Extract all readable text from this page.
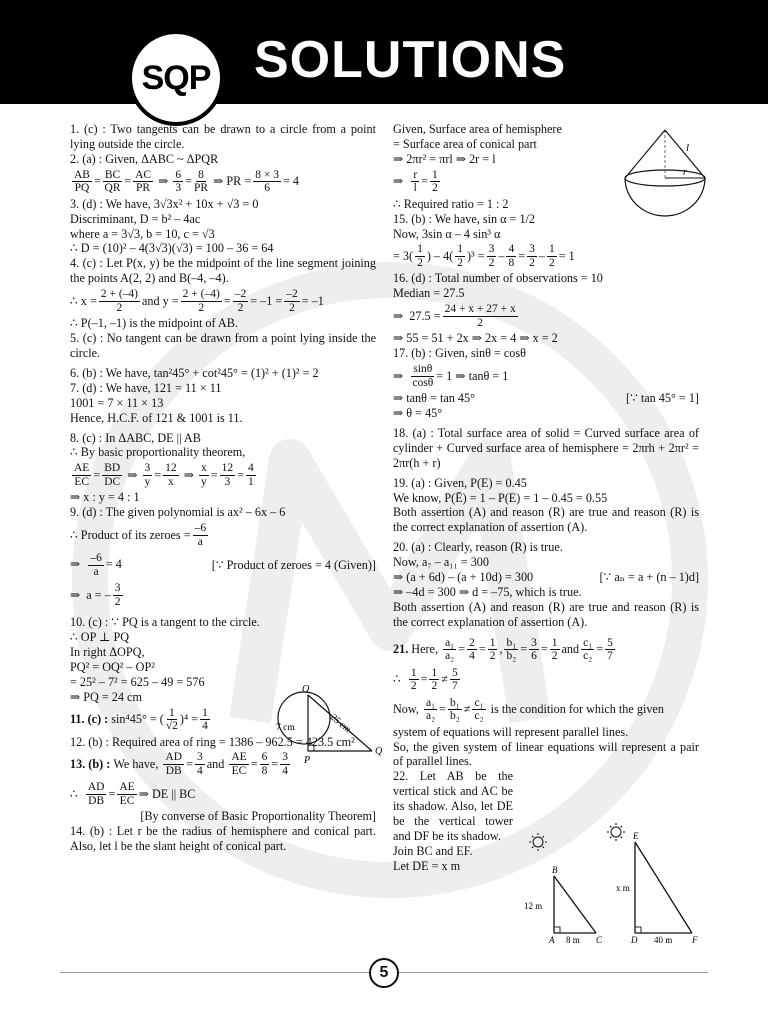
SQP SOLUTIONS
1. (c) : Two tangents can be drawn to a circle from a point lying outside the circle.
2. (a) : Given, ΔABC ~ ΔPQR
AB
PQ = BC
QR = AC
PR ⇒ 6
3 = 8
PR ⇒ PR = 8 × 3
6 = 4
3. (d) : We have, 3√3x² + 10x + √3 = 0
Discriminant, D = b² – 4ac
where a = 3√3, b = 10, c = √3
∴ D = (10)² – 4(3√3)(√3) = 100 – 36 = 64
4. (c) : Let P(x, y) be the midpoint of the line segment joining the points A(2, 2) and B(–4, –4).
∴ x = 2 + (–4)
2 and y = 2 + (–4)
2 = –2
2 = –1 = –2
2 = –1
∴ P(–1, –1) is the midpoint of AB.
5. (c) : No tangent can be drawn from a point lying inside the circle.
6. (b) : We have, tan²45° + cot²45° = (1)² + (1)² = 2
7. (d) : We have, 121 = 11 × 11
1001 = 7 × 11 × 13
Hence, H.C.F. of 121 & 1001 is 11.
8. (c) : In ΔABC, DE || AB
∴ By basic proportionality theorem,
AE
EC = BD
DC ⇒ 3
y = 12
x ⇒ x
y = 12
3 = 4
1
⇒ x : y = 4 : 1
9. (d) : The given polynomial is ax² – 6x – 6
∴ Product of its zeroes = –6
a
⇒ $\frac{-6}{a} = 4$	[∵ Product of zeroes = 4 (Given)]
⇒  a = – 3
2
10. (c) : ∵ PQ is a tangent to the circle.
∴ OP ⊥ PQ
In right ΔOPQ,
PQ² = OQ² – OP²
= 25² – 7² = 625 – 49 = 576
⇒ PQ = 24 cm
11.
(c) : sin⁴45° = ( 1
√2 )⁴ = 1
4
12. (b) : Required area of ring = 1386 – 962.5 = 423.5 cm²
13.
(b) : We have, AD
DB = 3
4 and AE
EC = 6
8 = 3
4
∴ AD
DB = AE
EC ⇒ DE || BC
[By converse of Basic Proportionality Theorem]
14. (b) : Let r be the radius of hemisphere and conical part. Also, let l be the slant height of conical part.
Given, Surface area of hemisphere
= Surface area of conical part
⇒ 2πr² = πrl ⇒ 2r = l
⇒ r
l = 1
2
∴ Required ratio = 1 : 2
15. (b) : We have, sin α = 1/2
Now, 3sin α – 4 sin³ α
= 3( 1
2 ) – 4( 1
2 )³ = 3
2 – 4
8 = 3
2 – 1
2 = 1
16. (d) : Total number of observations = 10
Median = 27.5
⇒  27.5 = 24 + x + 27 + x
2
⇒ 55 = 51 + 2x ⇒ 2x = 4 ⇒ x = 2
17. (b) : Given, sinθ = cosθ
⇒ sinθ
cosθ = 1 ⇒ tanθ = 1
⇒ tanθ = tan 45°	[∵ tan 45° = 1]
⇒ θ = 45°
18. (a) : Total surface area of solid = Curved surface area of cylinder + Curved surface area of hemisphere = 2πrh + 2πr² = 2πr(h + r)
19. (a) : Given, P(E) = 0.45
We know, P(Ē) = 1 – P(E) = 1 – 0.45 = 0.55
Both assertion (A) and reason (R) are true and reason (R) is the correct explanation of assertion (A).
20. (a) : Clearly, reason (R) is true.
Now, a₇ – a₁₁ = 300
⇒ (a + 6d) – (a + 10d) = 300	[∵ aₙ = a + (n – 1)d]
⇒ –4d = 300 ⇒ d = –75, which is true.
Both assertion (A) and reason (R) are true and reason (R) is the correct explanation of assertion (A).
21. Here, a₁
a₂ = 2
4 = 1
2 , b₁
b₂ = 3
6 = 1
2 and c₁
c₂ = 5
7
∴ 1
2 = 1
2 ≠ 5
7
Now, a₁
a₂ = b₁
b₂ ≠ c₁
c₂ is the condition for which the given
system of equations will represent parallel lines.
So, the given system of linear equations will represent a pair of parallel lines.
22. Let AB be the vertical stick and AC be its shadow. Also, let DE be the vertical tower and DF be its shadow.
Join BC and EF.
Let DE = x m
l
r
O
P
Q
7 cm	25 cm
B
A	C
12 m
8 m
E
D	F
x m
40 m
5
